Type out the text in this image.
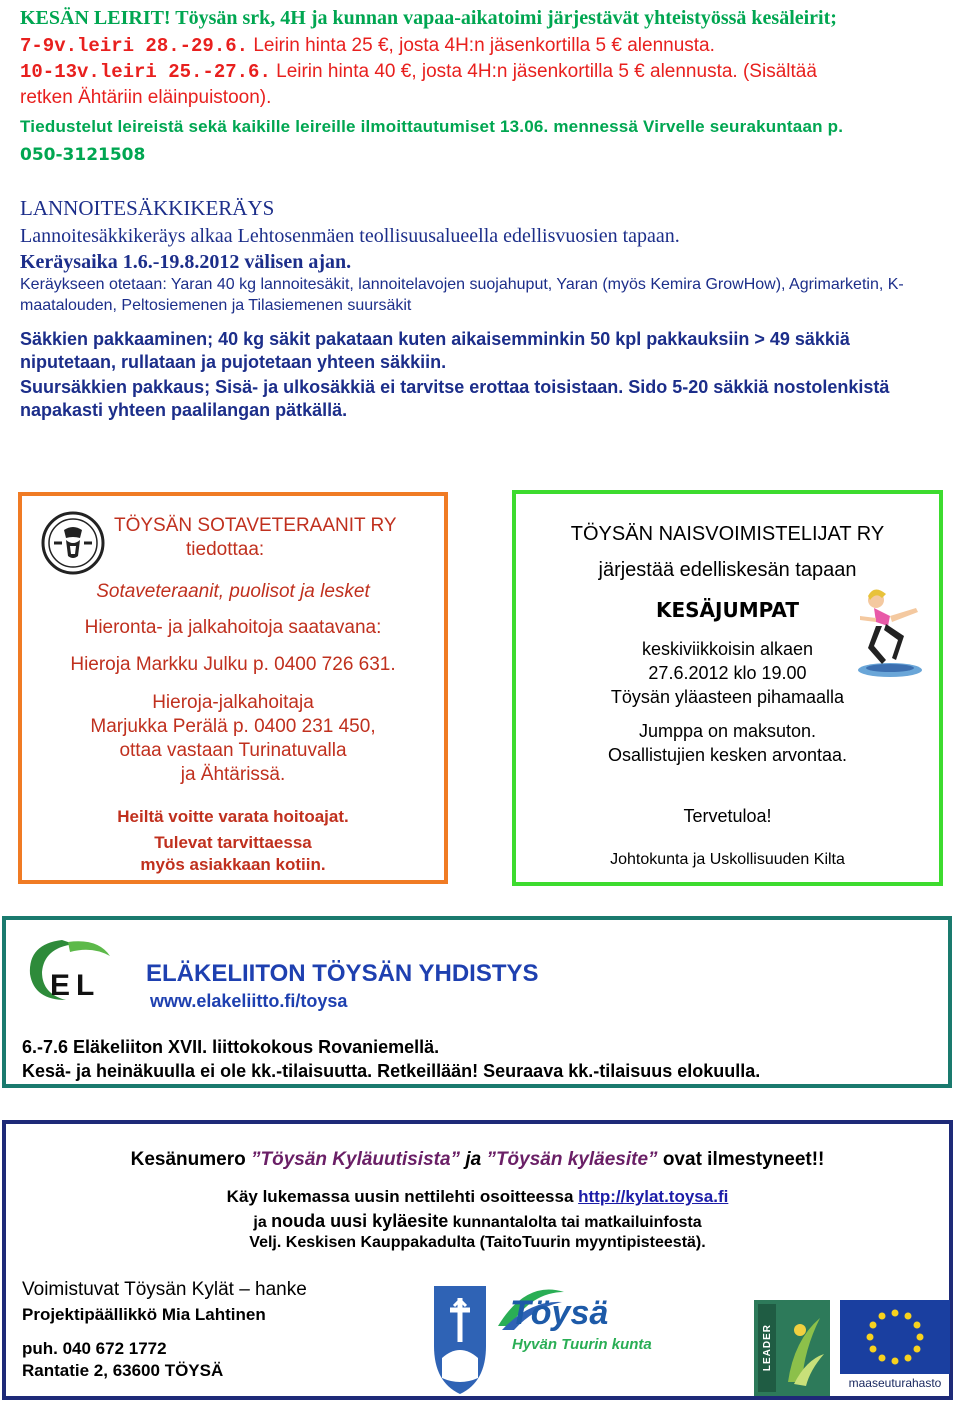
KESÄN LEIRIT! Töysän srk, 4H ja kunnan vapaa-aikatoimi järjestävät yhteistyössä kesäleirit;
7-9v.leiri 28.-29.6. Leirin hinta 25 €, josta 4H:n jäsenkortilla 5 € alennusta.
10-13v.leiri 25.-27.6. Leirin hinta 40 €, josta 4H:n jäsenkortilla 5 € alennusta. (Sisältää
retken Ähtäriin eläinpuistoon).
Tiedustelut leireistä sekä kaikille leireille ilmoittautumiset 13.06. mennessä Virvelle seurakuntaan p.
050-3121508
LANNOITESÄKKIKERÄYS
Lannoitesäkkikeräys alkaa Lehtosenmäen teollisuusalueella edellisvuosien tapaan.
Keräysaika 1.6.-19.8.2012 välisen ajan.
Keräykseen otetaan: Yaran 40 kg lannoitesäkit, lannoitelavojen suojahuput, Yaran (myös Kemira GrowHow), Agrimarketin, K-maatalouden, Peltosiemenen ja Tilasiemenen suursäkit
Säkkien pakkaaminen; 40 kg säkit pakataan kuten aikaisemminkin 50 kpl pakkauksiin > 49 säkkiä niputetaan, rullataan ja pujotetaan yhteen säkkiin.
Suursäkkien pakkaus; Sisä- ja ulkosäkkiä ei tarvitse erottaa toisistaan. Sido 5-20 säkkiä nostolenkistä napakasti yhteen paalilangan pätkällä.
TÖYSÄN SOTAVETERAANIT RY
tiedottaa:
Sotaveteraanit, puolisot ja lesket
Hieronta- ja jalkahoitoja saatavana:
Hieroja Markku Julku p. 0400 726 631.
Hieroja-jalkahoitaja
Marjukka Perälä p. 0400 231 450,
ottaa vastaan Turinatuvalla
ja Ähtärissä.
Heiltä voitte varata hoitoajat.
Tulevat tarvittaessa
myös asiakkaan kotiin.
TÖYSÄN NAISVOIMISTELIJAT RY
järjestää edelliskesän tapaan
KESÄJUMPAT
keskiviikkoisin alkaen
27.6.2012 klo 19.00
Töysän yläasteen pihamaalla
Jumppa on maksuton.
Osallistujien kesken arvontaa.
Tervetuloa!
Johtokunta ja Uskollisuuden Kilta
EL ELÄKELIITON TÖYSÄN YHDISTYS
www.elakeliitto.fi/toysa
6.-7.6 Eläkeliiton XVII. liittokokous Rovaniemellä.
Kesä- ja heinäkuulla ei ole kk.-tilaisuutta. Retkeillään! Seuraava kk.-tilaisuus elokuulla.
Kesänumero ”Töysän Kyläuutisista” ja ”Töysän kyläesite” ovat ilmestyneet!!
Käy lukemassa uusin nettilehti osoitteessa http://kylat.toysa.fi
ja noudа uusi kyläesite kunnantalolta tai matkailuinfosta
Velj. Keskisen Kauppakadulta (TaitoTuurin myyntipisteestä).
Voimistuvat Töysän Kylät – hanke
Projektipäällikkö Mia Lahtinen
puh. 040 672 1772
Rantatie 2, 63600 TÖYSÄ
Töysä
Hyvän Tuurin kunta	LEADER
maaseuturahasto
